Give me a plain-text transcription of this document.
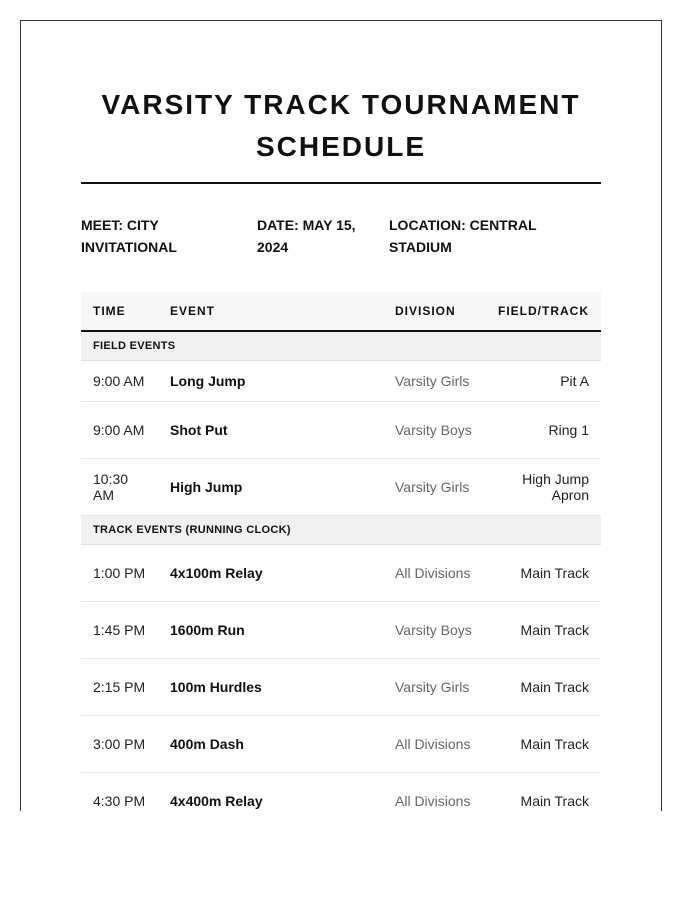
VARSITY TRACK TOURNAMENT SCHEDULE
MEET: CITY INVITATIONAL
DATE: MAY 15, 2024
LOCATION: CENTRAL STADIUM
TIME	EVENT	DIVISION	FIELD/TRACK
FIELD EVENTS			
9:00 AM	Long Jump	Varsity Girls	Pit A
9:00 AM	Shot Put	Varsity Boys	Ring 1
10:30 AM	High Jump	Varsity Girls	High Jump Apron
TRACK EVENTS (RUNNING CLOCK)			
1:00 PM	4x100m Relay	All Divisions	Main Track
1:45 PM	1600m Run	Varsity Boys	Main Track
2:15 PM	100m Hurdles	Varsity Girls	Main Track
3:00 PM	400m Dash	All Divisions	Main Track
4:30 PM	4x400m Relay	All Divisions	Main Track
